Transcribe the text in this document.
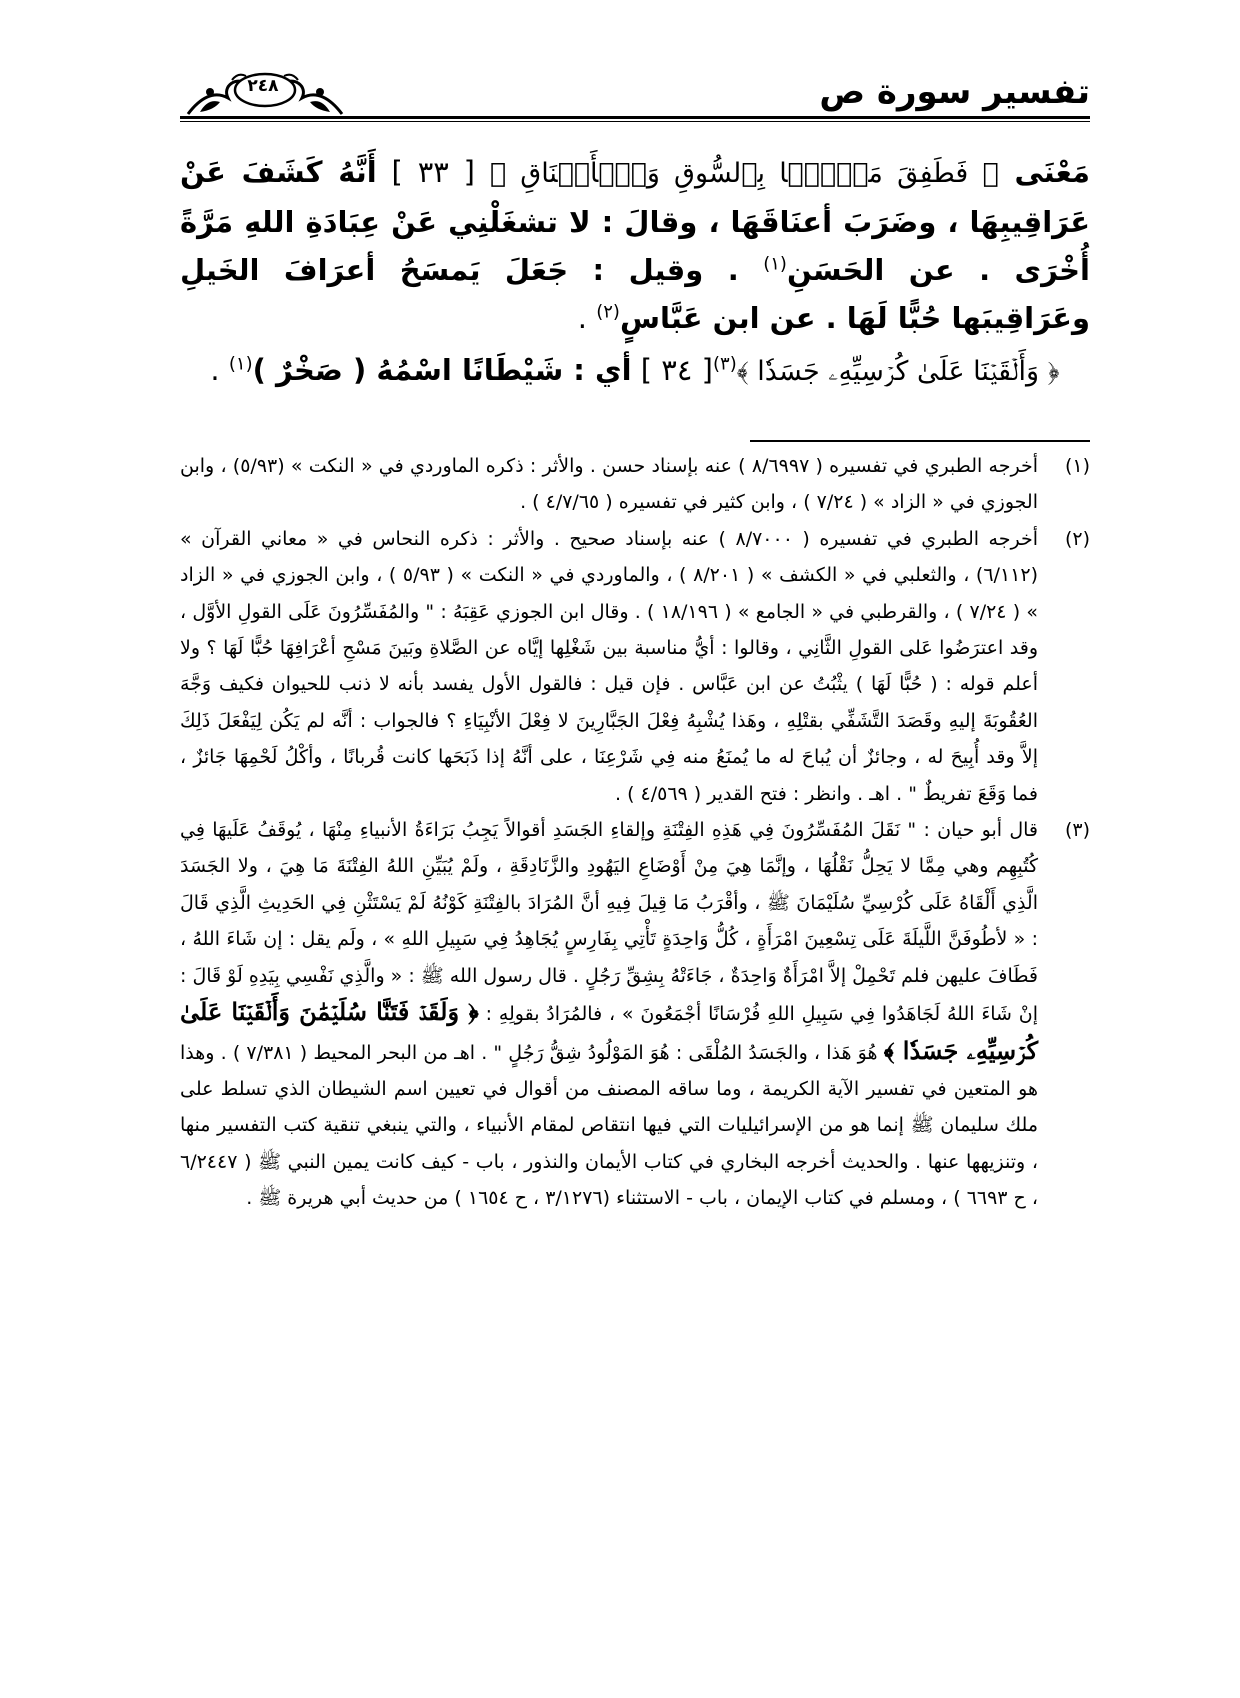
تفسير سورة ص
٢٤٨

مَعْنَى ﴿ فَطَفِقَ مَسۡحَۢا بِٱلسُّوقِ وَٱلۡأَعۡنَاقِ ﴾ [ ٣٣ ] أَنَّهُ كَشَفَ عَنْ عَرَاقِيبِهَا ، وضَرَبَ أعنَاقَهَا ، وقالَ : لا تشغَلْنِي عَنْ عِبَادَةِ اللهِ مَرَّةً أُخْرَى . عن الحَسَنِ$^{(١)}$ . وقيل : جَعَلَ يَمسَحُ أعرَافَ الخَيلِ وعَرَاقِيبَها حُبًّا لَهَا . عن ابن عَبَّاسٍ$^{(٢)}$ .

﴿ وَأَلۡقَيۡنَا عَلَىٰ كُرۡسِيِّهِۦ جَسَدٗا ﴾$^{(٣)}$[ ٣٤ ] أي : شَيْطَانًا اسْمُهُ ( صَخْرٌ )$^{(١)}$ .

(١)
أخرجه الطبري في تفسيره ( ٨/٦٩٩٧ ) عنه بإسناد حسن . والأثر : ذكره الماوردي في « النكت » (٥/٩٣) ، وابن الجوزي في « الزاد » ( ٧/٢٤ ) ، وابن كثير في تفسيره ( ٤/٧/٦٥ ) .

(٢)
أخرجه الطبري في تفسيره ( ٨/٧٠٠٠ ) عنه بإسناد صحيح . والأثر : ذكره النحاس في « معاني القرآن » (٦/١١٢) ، والثعلبي في « الكشف » ( ٨/٢٠١ ) ، والماوردي في « النكت » ( ٥/٩٣ ) ، وابن الجوزي في « الزاد » ( ٧/٢٤ ) ، والقرطبي في « الجامع » ( ١٨/١٩٦ ) . وقال ابن الجوزي عَقِبَهُ : " والمُفَسِّرُونَ عَلَى القولِ الأوَّل ، وقد اعترَضُوا عَلى القولِ الثَّانِي ، وقالوا : أيُّ مناسبة بين شَغْلِها إيَّاه عن الصَّلاةِ وبَينَ مَسْحِ أعْرَافِهَا حُبًّا لَهَا ؟ ولا أعلم قوله : ( حُبًّا لَهَا ) يثْبُتُ عن ابن عَبَّاس . فإن قيل : فالقول الأول يفسد بأنه لا ذنب للحيوان فكيف وَجَّهَ العُقُوبَةَ إليهِ وقَصَدَ التَّشَفِّي بقتْلِهِ ، وهَذا يُشْبِهُ فِعْلَ الجَبَّارِينَ لا فِعْلَ الأنْبِيَاءِ ؟ فالجواب : أنَّه لم يَكُن لِيَفْعَلَ ذَلِكَ إلاَّ وقد أُبِيحَ له ، وجائزٌ أن يُباحَ له ما يُمنَعُ منه فِي شَرْعِنَا ، على أنَّهُ إذا ذَبَحَها كانت قُربانًا ، وأكْلُ لَحْمِهَا جَائزٌ ، فما وَقَعَ تفريطٌ " . اهـ . وانظر : فتح القدير ( ٤/٥٦٩ ) .

(٣)
قال أبو حيان : " نَقَلَ المُفَسِّرُونَ فِي هَذِهِ الفِتْنَةِ وإلقاءِ الجَسَدِ أقوالاً يَجِبُ بَرَاءَةُ الأنبياءِ مِنْهَا ، يُوقَفُ عَلَيهَا فِي كُتُبِهِم وهي مِمَّا لا يَحِلُّ نَقْلُهَا ، وإنَّمَا هِيَ مِنْ أَوْضَاعِ اليَهُودِ والزَّنَادِقَةِ ، ولَمْ يُبَيِّنِ اللهُ الفِتْنَةَ مَا هِيَ ، ولا الجَسَدَ الَّذِي أَلْقَاهُ عَلَى كُرْسِيِّ سُلَيْمَانَ ﷺ ، وأقْرَبُ مَا قِيلَ فِيهِ أنَّ المُرَادَ بالفِتْنَةِ كَوْنُهُ لَمْ يَسْتَثْنِ فِي الحَدِيثِ الَّذِي قَالَ : « لأطُوفَنَّ اللَّيلَةَ عَلَى تِسْعِينَ امْرَأَةٍ ، كُلُّ وَاحِدَةٍ تَأْتِي بِفَارِسٍ يُجَاهِدُ فِي سَبِيلِ اللهِ » ، ولَم يقل : إن شَاءَ اللهُ ، فَطَافَ عليهن فلم تَحْمِلْ إلاَّ امْرَأَةٌ وَاحِدَةٌ ، جَاءَتْهُ بِشِقِّ رَجُلٍ . قال رسول الله ﷺ : « والَّذِي نَفْسِي بِيَدِهِ لَوْ قَالَ : إنْ شَاءَ اللهُ لَجَاهَدُوا فِي سَبِيلِ اللهِ فُرْسَانًا أجْمَعُونَ » ، فالمُرَادُ بقولِهِ : ﴿ وَلَقَدۡ فَتَنَّا سُلَيۡمَٰنَ وَأَلۡقَيۡنَا عَلَىٰ كُرۡسِيِّهِۦ جَسَدٗا ﴾ هُوَ هَذا ، والجَسَدُ المُلْقَى : هُوَ المَوْلُودُ شِقُّ رَجُلٍ " . اهـ من البحر المحيط ( ٧/٣٨١ ) . وهذا هو المتعين في تفسير الآية الكريمة ، وما ساقه المصنف من أقوال في تعيين اسم الشيطان الذي تسلط على ملك سليمان ﷺ إنما هو من الإسرائيليات التي فيها انتقاص لمقام الأنبياء ، والتي ينبغي تنقية كتب التفسير منها ، وتنزيهها عنها . والحديث أخرجه البخاري في كتاب الأيمان والنذور ، باب - كيف كانت يمين النبي ﷺ ( ٦/٢٤٤٧ ، ح ٦٦٩٣ ) ، ومسلم في كتاب الإيمان ، باب - الاستثناء (٣/١٢٧٦ ، ح ١٦٥٤ ) من حديث أبي هريرة ﷺ .
